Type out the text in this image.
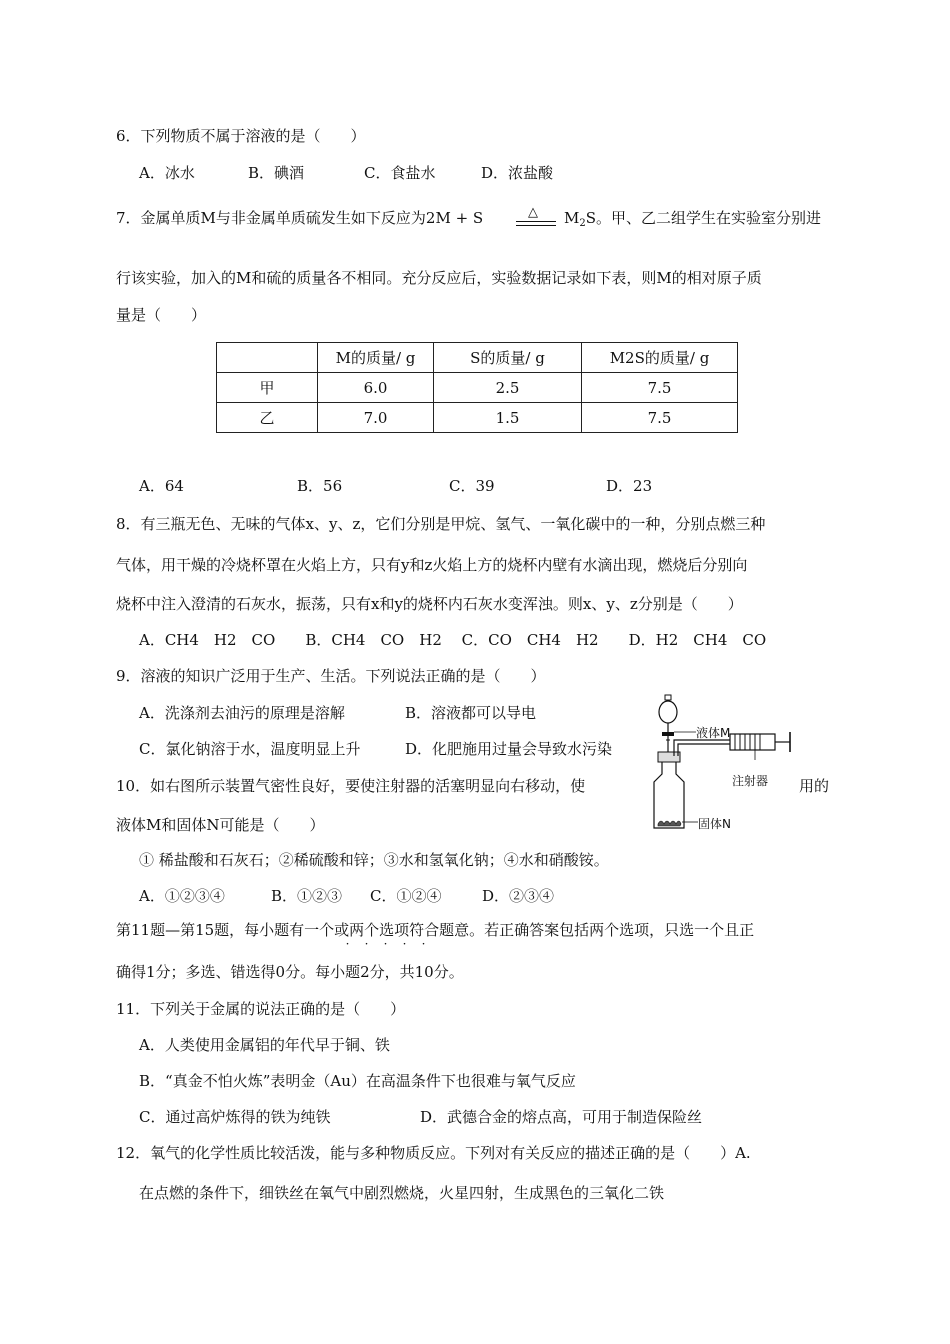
6．下列物质不属于溶液的是（　　）
A．冰水	B．碘酒	C．食盐水	D．浓盐酸
7．金属单质M与非金属单质硫发生如下反应为2M + S	△ $M_2S$。甲、乙二组学生在实验室分别进
行该实验，加入的M和硫的质量各不相同。充分反应后，实验数据记录如下表，则M的相对原子质
量是（　　）
	M的质量/ g	S的质量/ g	M2S的质量/ g
甲	6.0	2.5	7.5
乙	7.0	1.5	7.5
A．64	B．56	C．39	D．23
8．有三瓶无色、无味的气体x、y、z，它们分别是甲烷、氢气、一氧化碳中的一种，分别点燃三种
气体，用干燥的冷烧杯罩在火焰上方，只有y和z火焰上方的烧杯内壁有水滴出现，燃烧后分别向
烧杯中注入澄清的石灰水，振荡，只有x和y的烧杯内石灰水变浑浊。则x、y、z分别是（　　）
A．CH4　H2　CO　　B．CH4　CO　H2　 C．CO　CH4　H2　　D．H2　CH4　CO
9．溶液的知识广泛用于生产、生活。下列说法正确的是（　　）
A．洗涤剂去油污的原理是溶解	B．溶液都可以导电
C．氯化钠溶于水，温度明显上升	D．化肥施用过量会导致水污染
液体M
注射器
固体N
10．如右图所示装置气密性良好，要使注射器的活塞明显向右移动，使	用的
液体M和固体N可能是（　　）
① 稀盐酸和石灰石；②稀硫酸和锌；③水和氢氧化钠；④水和硝酸铵。
A．①②③④	B．①②③ C．①②④	D．②③④
第11题—第15题，每小题有一个或两个选项符合题意。若正确答案包括两个选项，只选一个且正
· · · · ·
确得1分；多选、错选得0分。每小题2分，共10分。
11．下列关于金属的说法正确的是（　　）
A．人类使用金属铝的年代早于铜、铁
B．“真金不怕火炼”表明金（Au）在高温条件下也很难与氧气反应
C．通过高炉炼得的铁为纯铁	D．武德合金的熔点高，可用于制造保险丝
12．氧气的化学性质比较活泼，能与多种物质反应。下列对有关反应的描述正确的是（　　）A.
在点燃的条件下，细铁丝在氧气中剧烈燃烧，火星四射，生成黑色的三氧化二铁
